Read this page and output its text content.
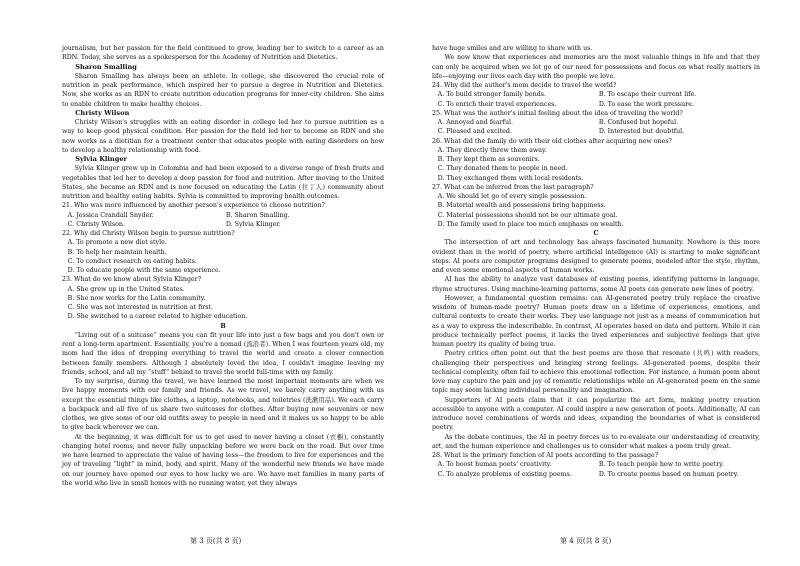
journalism, but her passion for the field continued to grow, leading her to switch to a career as an RDN. Today, she serves as a spokesperson for the Academy of Nutrition and Dietetics.

Sharon Smalling

Sharon Smalling has always been an athlete. In college, she discovered the crucial role of nutrition in peak performance, which inspired her to pursue a degree in Nutrition and Dietetics. Now, she works as an RDN to create nutrition education programs for inner-city children. She aims to enable children to make healthy choices.

Christy Wilson

Christy Wilson's struggles with an eating disorder in college led her to pursue nutrition as a way to keep good physical condition. Her passion for the field led her to become an RDN and she now works as a dietitian for a treatment center that educates people with eating disorders on how to develop a healthy relationship with food.

Sylvia Klinger

Sylvia Klinger grew up in Colombia and had been exposed to a diverse range of fresh fruits and vegetables that led her to develop a deep passion for food and nutrition. After moving to the United States, she became an RDN and is now focused on educating the Latin (拉丁人) community about nutrition and healthy eating habits. Sylvia is committed to improving health outcomes.

21. Who was more influenced by another person's experience to choose nutrition?

A. Jessica Crandall Snyder.	B. Sharon Smalling.
C. Christy Wilson.	D. Sylvia Klinger.

22. Why did Christy Wilson begin to pursue nutrition?

A. To promote a new diet style.
B. To help her maintain health.
C. To conduct research on eating habits.
D. To educate people with the same experience.

23. What do we know about Sylvia Klinger?

A. She grew up in the United States.
B. She now works for the Latin community.
C. She was not interested in nutrition at first.
D. She switched to a career related to higher education.
B

“Living out of a suitcase” means you can fit your life into just a few bags and you don't own or rent a long-term apartment. Essentially, you're a nomad (流浪者). When I was fourteen years old, my mom had the idea of dropping everything to travel the world and create a closer connection between family members. Although I absolutely loved the idea, I couldn't imagine leaving my friends, school, and all my “stuff” behind to travel the world full-time with my family.

To my surprise, during the travel, we have learned the most important moments are when we live happy moments with our family and friends. As we travel, we barely carry anything with us except the essential things like clothes, a laptop, notebooks, and toiletries (洗漱用品). We each carry a backpack and all five of us share two suitcases for clothes. After buying new souvenirs or new clothes, we give some of our old outfits away to people in need and it makes us so happy to be able to give back wherever we can.

At the beginning, it was difficult for us to get used to never having a closet (衣橱), constantly changing hotel rooms, and never fully unpacking before we were back on the road. But over time we have learned to appreciate the value of having less—the freedom to live for experiences and the joy of traveling “light” in mind, body, and spirit. Many of the wonderful new friends we have made on our journey have opened our eyes to how lucky we are. We have met families in many parts of the world who live in small homes with no running water, yet they always

have huge smiles and are willing to share with us.

We now know that experiences and memories are the most valuable things in life and that they can only be acquired when we let go of our need for possessions and focus on what really matters in life—enjoying our lives each day with the people we love.

24. Why did the author's mom decide to travel the world?

A. To build stronger family bonds.	B. To escape their current life.
C. To enrich their travel experiences.	D. To ease the work pressure.

25. What was the author's initial feeling about the idea of traveling the world?

A. Annoyed and fearful.	B. Confused but hopeful.
C. Pleased and excited.	D. Interested but doubtful.

26. What did the family do with their old clothes after acquiring new ones?

A. They directly threw them away.
B. They kept them as souvenirs.
C. They donated them to people in need.
D. They exchanged them with local residents.

27. What can be inferred from the last paragraph?

A. We should let go of every single possession.
B. Material wealth and possessions bring happiness.
C. Material possessions should not be our ultimate goal.
D. The family used to place too much emphasis on wealth.
C

The intersection of art and technology has always fascinated humanity. Nowhere is this more evident than in the world of poetry, where artificial intelligence (AI) is starting to make significant steps. AI poets are computer programs designed to generate poems, modeled after the style, rhythm, and even some emotional aspects of human works.

AI has the ability to analyze vast databases of existing poems, identifying patterns in language, rhyme structures. Using machine-learning patterns, some AI poets can generate new lines of poetry.

However, a fundamental question remains: can AI-generated poetry truly replace the creative wisdom of human-made poetry? Human poets draw on a lifetime of experiences, emotions, and cultural contexts to create their works. They use language not just as a means of communication but as a way to express the indescribable. In contrast, AI operates based on data and pattern. While it can produce technically perfect poems, it lacks the lived experiences and subjective feelings that give human poetry its quality of being true.

Poetry critics often point out that the best poems are those that resonate (共鸣) with readers, challenging their perspectives and bringing strong feelings. AI-generated poems, despite their technical complexity, often fail to achieve this emotional reflection. For instance, a human poem about love may capture the pain and joy of romantic relationships while an AI-generated poem on the same topic may seem lacking individual personality and imagination.

Supporters of AI poets claim that it can popularize the art form, making poetry creation accessible to anyone with a computer. AI could inspire a new generation of poets. Additionally, AI can introduce novel combinations of words and ideas, expanding the boundaries of what is considered poetry.

As the debate continues, the AI in poetry forces us to re-evaluate our understanding of creativity, art, and the human experience and challenges us to consider what makes a poem truly great.

28. What is the primary function of AI poets according to the passage?

A. To boost human poets' creativity.	B. To teach people how to write poetry.
C. To analyze problems of existing poems.	D. To create poems based on human poetry.
第 3 页(共 8 页)	第 4 页(共 8 页)
